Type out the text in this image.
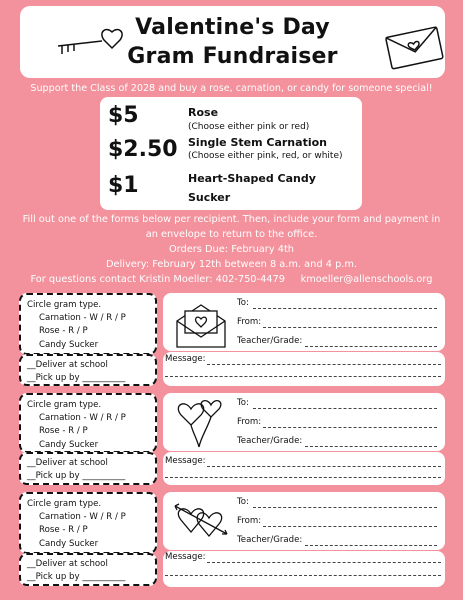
Valentine's Day
Gram Fundraiser
Support the Class of 2028 and buy a rose, carnation, or candy for someone special!
$5	Rose
(Choose either pink or red)
$2.50 Single Stem Carnation
(Choose either pink, red, or white)
$1	Heart-Shaped Candy
Sucker
Fill out one of the forms below per recipient. Then, include your form and payment in
an envelope to return to the office.
Orders Due: February 4th
Delivery: February 12th between 8 a.m. and 4 p.m.
For questions contact Kristin Moeller: 402-750-4479     kmoeller@allenschools.org
Circle gram type.
Carnation - W / R / P
Rose - R / P
Candy Sucker
__Deliver at school
__Pick up by __________
To:
From:
Teacher/Grade:
Message:
Circle gram type.
Carnation - W / R / P
Rose - R / P
Candy Sucker
__Deliver at school
__Pick up by __________
To:
From:
Teacher/Grade:
Message:
Circle gram type.
Carnation - W / R / P
Rose - R / P
Candy Sucker
__Deliver at school
__Pick up by __________
To:
From:
Teacher/Grade:
Message:
